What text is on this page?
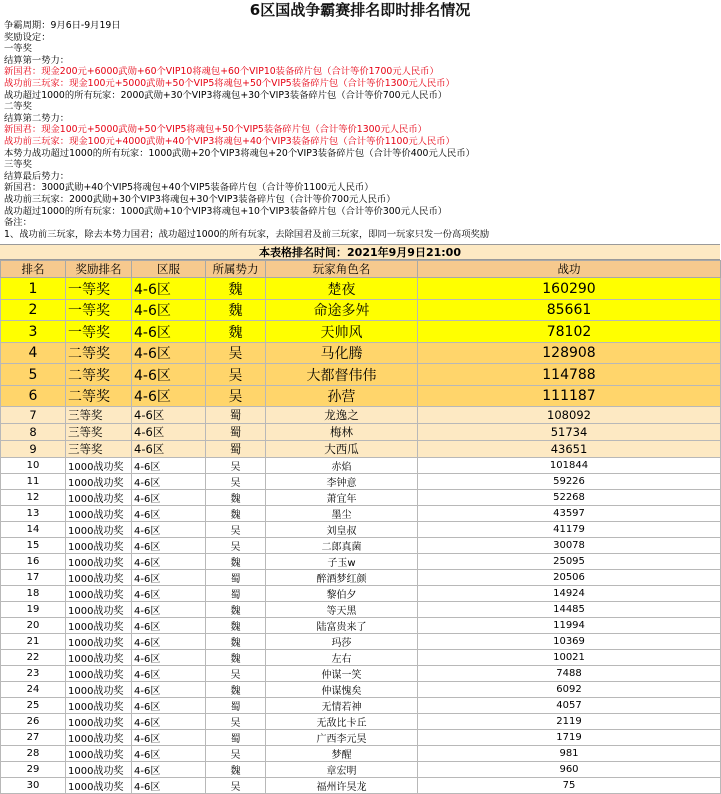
6区国战争霸赛排名即时排名情况
争霸周期：9月6日-9月19日
奖励设定：
一等奖
结算第一势力：
新国君：现金200元+6000武勋+60个VIP10将魂包+60个VIP10装备碎片包（合计等价1700元人民币）
战功前三玩家：现金100元+5000武勋+50个VIP5将魂包+50个VIP5装备碎片包（合计等价1300元人民币）
战功超过1000的所有玩家：2000武勋+30个VIP3将魂包+30个VIP3装备碎片包（合计等价700元人民币）
二等奖
结算第二势力：
新国君：现金100元+5000武勋+50个VIP5将魂包+50个VIP5装备碎片包（合计等价1300元人民币）
战功前三玩家：现金100元+4000武勋+40个VIP3将魂包+40个VIP3装备碎片包（合计等价1100元人民币）
本势力战功超过1000的所有玩家：1000武勋+20个VIP3将魂包+20个VIP3装备碎片包（合计等价400元人民币）
三等奖
结算最后势力：
新国君：3000武勋+40个VIP5将魂包+40个VIP5装备碎片包（合计等价1100元人民币）
战功前三玩家：2000武勋+30个VIP3将魂包+30个VIP3装备碎片包（合计等价700元人民币）
战功超过1000的所有玩家：1000武勋+10个VIP3将魂包+10个VIP3装备碎片包（合计等价300元人民币）
备注：
1、战功前三玩家，除去本势力国君；战功超过1000的所有玩家，去除国君及前三玩家，即同一玩家只发一份高项奖励
本表格排名时间：2021年9月9日21:00
排名	奖励排名	区服	所属势力	玩家角色名	战功
1	一等奖	4-6区	魏	楚夜	160290
2	一等奖	4-6区	魏	命途多舛	85661
3	一等奖	4-6区	魏	天帅风	78102
4	二等奖	4-6区	吴	马化腾	128908
5	二等奖	4-6区	吴	大都督伟伟	114788
6	二等奖	4-6区	吴	孙营	111187
7	三等奖	4-6区	蜀	龙逸之	108092
8	三等奖	4-6区	蜀	梅林	51734
9	三等奖	4-6区	蜀	大西瓜	43651
10	1000战功奖	4-6区	吴	赤焰	101844
11	1000战功奖	4-6区	吴	李钟意	59226
12	1000战功奖	4-6区	魏	萧宜年	52268
13	1000战功奖	4-6区	魏	墨尘	43597
14	1000战功奖	4-6区	吴	刘皇叔	41179
15	1000战功奖	4-6区	吴	二郎真菌	30078
16	1000战功奖	4-6区	魏	子玉w	25095
17	1000战功奖	4-6区	蜀	醉酒梦红颜	20506
18	1000战功奖	4-6区	蜀	黎伯夕	14924
19	1000战功奖	4-6区	魏	等天黑	14485
20	1000战功奖	4-6区	魏	陆富贵来了	11994
21	1000战功奖	4-6区	魏	玛莎	10369
22	1000战功奖	4-6区	魏	左右	10021
23	1000战功奖	4-6区	吴	仲谋一笑	7488
24	1000战功奖	4-6区	魏	仲谋愧矣	6092
25	1000战功奖	4-6区	蜀	无情若神	4057
26	1000战功奖	4-6区	吴	无敌比卡丘	2119
27	1000战功奖	4-6区	蜀	广西李元昊	1719
28	1000战功奖	4-6区	吴	梦醒	981
29	1000战功奖	4-6区	魏	章宏明	960
30	1000战功奖	4-6区	吴	福州许昊龙	75
